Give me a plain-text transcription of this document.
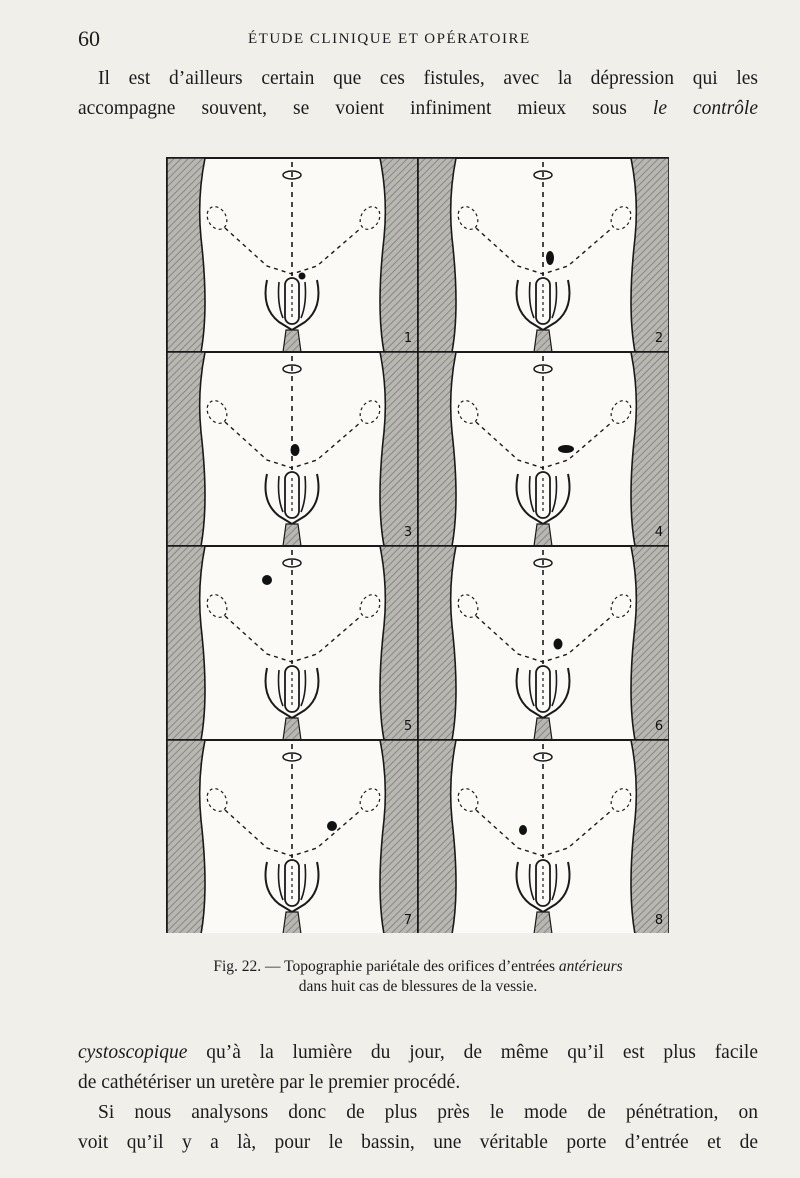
60	ÉTUDE CLINIQUE ET OPÉRATOIRE
Il est d’ailleurs certain que ces fistules, avec la dépression qui les
accompagne souvent, se voient infiniment mieux sous le contrôle
1	2
3	4
5	6
7	8
Fig. 22. — Topographie pariétale des orifices d’entrées antérieurs
dans huit cas de blessures de la vessie.
cystoscopique qu’à la lumière du jour, de même qu’il est plus facile
de cathétériser un uretère par le premier procédé.
Si nous analysons donc de plus près le mode de pénétration, on
voit qu’il y a là, pour le bassin, une véritable porte d’entrée et de
